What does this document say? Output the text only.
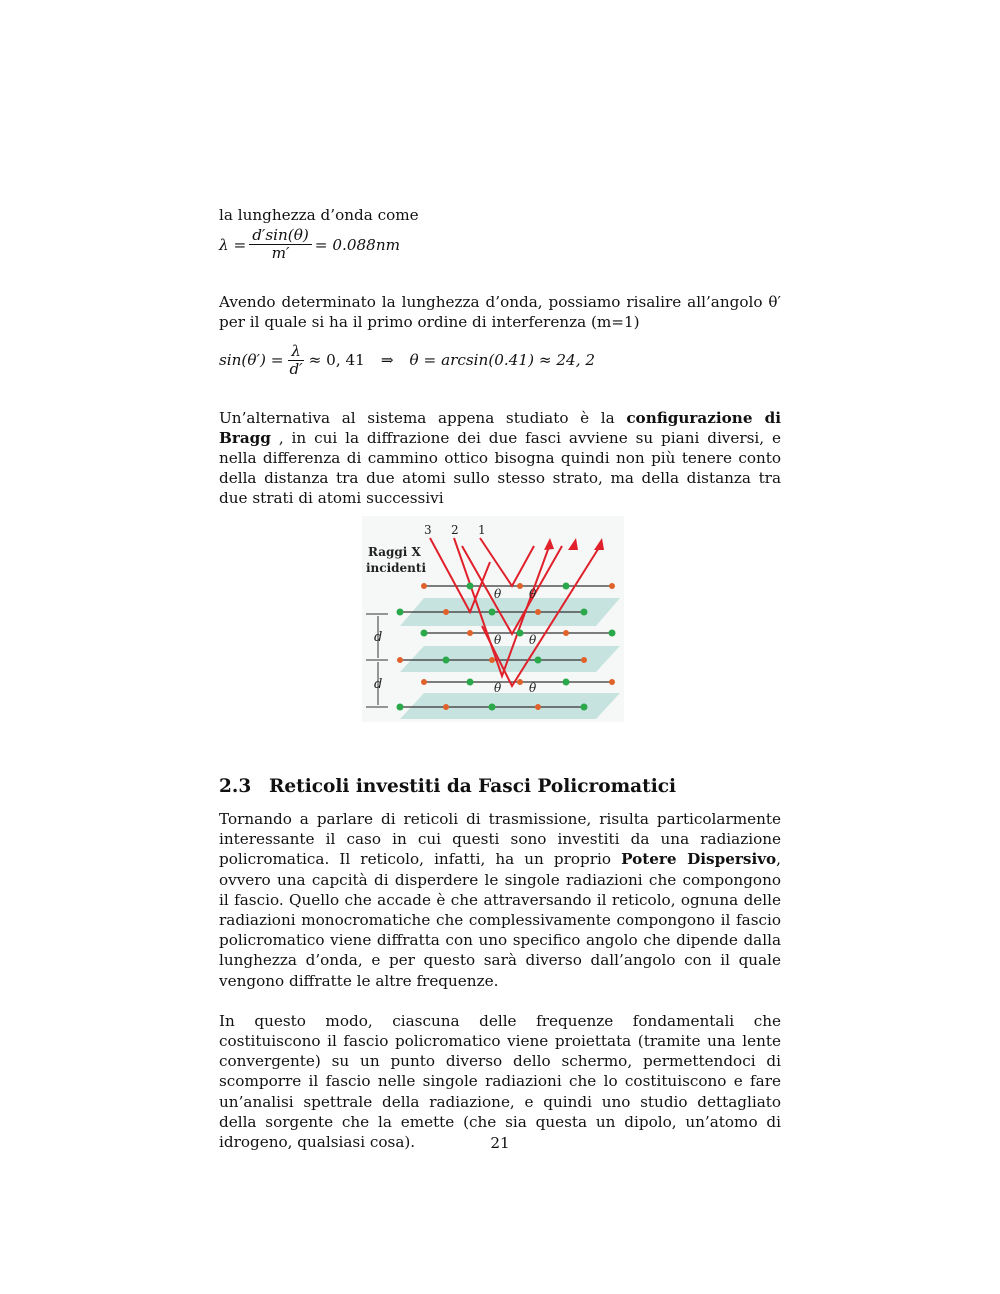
la lunghezza d’onda come

$\lambda = \frac{d'\sin(\theta)}{m'} = 0.088nm$

Avendo determinato la lunghezza d’onda, possiamo risalire all’angolo θ′ per il quale si ha il primo ordine di interferenza (m=1)

$\sin(\theta') = \frac{\lambda}{d'} \approx 0$, 41 ⇒ θ = arcsin(0.41) ≈ 24, 2

Un’alternativa al sistema appena studiato è la configurazione di Bragg , in cui la diffrazione dei due fasci avviene su piani diversi, e nella differenza di cammino ottico bisogna quindi non più tenere conto della distanza tra due atomi sullo stesso strato, ma della distanza tra due strati di atomi successivi

d
d
θ θ
θ θ
θ θ
3 2 1
Raggi X
incidenti
2.3 Reticoli investiti da Fasci Policromatici

Tornando a parlare di reticoli di trasmissione, risulta particolarmente interessante il caso in cui questi sono investiti da una radiazione policromatica. Il reticolo, infatti, ha un proprio Potere Dispersivo, ovvero una capcità di disperdere le singole radiazioni che compongono il fascio. Quello che accade è che attraversando il reticolo, ognuna delle radiazioni monocromatiche che complessivamente compongono il fascio policromatico viene diffratta con uno specifico angolo che dipende dalla lunghezza d’onda, e per questo sarà diverso dall’angolo con il quale vengono diffratte le altre frequenze.

In questo modo, ciascuna delle frequenze fondamentali che costituiscono il fascio policromatico viene proiettata (tramite una lente convergente) su un punto diverso dello schermo, permettendoci di scomporre il fascio nelle singole radiazioni che lo costituiscono e fare un’analisi spettrale della radiazione, e quindi uno studio dettagliato della sorgente che la emette (che sia questa un dipolo, un’atomo di idrogeno, qualsiasi cosa).	21
